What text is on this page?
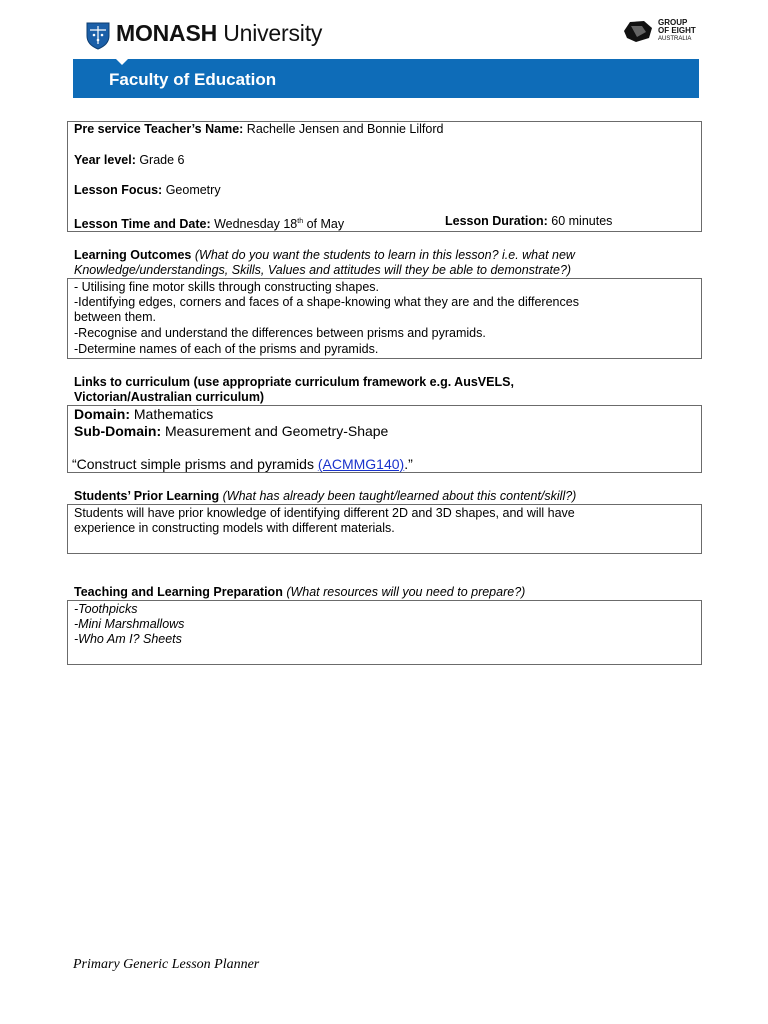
MONASH University	GROUP
OF EIGHT
AUSTRALIA
Faculty of Education
Pre service Teacher’s Name: Rachelle Jensen and Bonnie Lilford
Year level: Grade 6
Lesson Focus: Geometry
Lesson Time and Date: Wednesday 18th of May	Lesson Duration: 60 minutes
Learning Outcomes (What do you want the students to learn in this lesson? i.e. what new
Knowledge/understandings, Skills, Values and attitudes will they be able to demonstrate?)
- Utilising fine motor skills through constructing shapes.
-Identifying edges, corners and faces of a shape-knowing what they are and the differences
between them.
-Recognise and understand the differences between prisms and pyramids.
-Determine names of each of the prisms and pyramids.
Links to curriculum (use appropriate curriculum framework e.g. AusVELS,
Victorian/Australian curriculum)
Domain: Mathematics
Sub-Domain: Measurement and Geometry-Shape
“Construct simple prisms and pyramids (ACMMG140).”
Students’ Prior Learning (What has already been taught/learned about this content/skill?)
Students will have prior knowledge of identifying different 2D and 3D shapes, and will have
experience in constructing models with different materials.
Teaching and Learning Preparation (What resources will you need to prepare?)
-Toothpicks
-Mini Marshmallows
-Who Am I? Sheets
Primary Generic Lesson Planner
